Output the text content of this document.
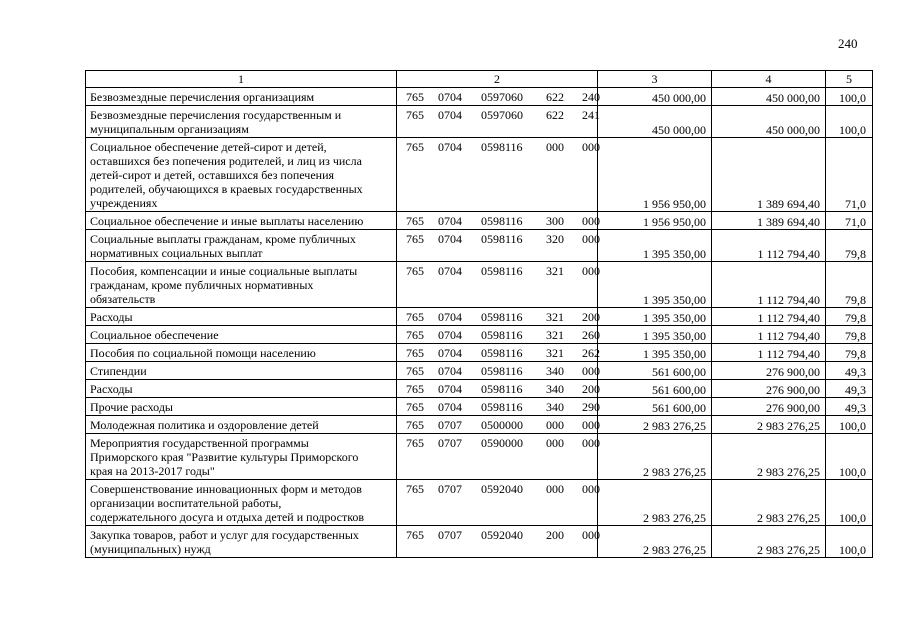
240
1	2	3	4	5
Безвозмездные перечисления организациям	765 0704 0597060 622 240	450 000,00	450 000,00	100,0
Безвозмездные перечисления государственным и
муниципальным организациям	765 0704 0597060 622 241	450 000,00	450 000,00	100,0
Социальное обеспечение детей-сирот и детей,
оставшихся без попечения родителей, и лиц из числа
детей-сирот и детей, оставшихся без попечения
родителей, обучающихся в краевых государственных
учреждениях	765 0704 0598116 000 000	1 956 950,00	1 389 694,40	71,0
Социальное обеспечение и иные выплаты населению	765 0704 0598116 300 000	1 956 950,00	1 389 694,40	71,0
Социальные выплаты гражданам, кроме публичных
нормативных социальных выплат	765 0704 0598116 320 000	1 395 350,00	1 112 794,40	79,8
Пособия, компенсации и иные социальные выплаты
гражданам, кроме публичных нормативных
обязательств	765 0704 0598116 321 000	1 395 350,00	1 112 794,40	79,8
Расходы	765 0704 0598116 321 200	1 395 350,00	1 112 794,40	79,8
Социальное обеспечение	765 0704 0598116 321 260	1 395 350,00	1 112 794,40	79,8
Пособия по социальной помощи населению	765 0704 0598116 321 262	1 395 350,00	1 112 794,40	79,8
Стипендии	765 0704 0598116 340 000	561 600,00	276 900,00	49,3
Расходы	765 0704 0598116 340 200	561 600,00	276 900,00	49,3
Прочие расходы	765 0704 0598116 340 290	561 600,00	276 900,00	49,3
Молодежная политика и оздоровление детей	765 0707 0500000 000 000	2 983 276,25	2 983 276,25	100,0
Мероприятия государственной программы
Приморского края "Развитие культуры Приморского
края на 2013-2017 годы"	765 0707 0590000 000 000	2 983 276,25	2 983 276,25	100,0
Совершенствование инновационных форм и методов
организации воспитательной работы,
содержательного досуга и отдыха детей и подростков	765 0707 0592040 000 000	2 983 276,25	2 983 276,25	100,0
Закупка товаров, работ и услуг для государственных
(муниципальных) нужд	765 0707 0592040 200 000	2 983 276,25	2 983 276,25	100,0
